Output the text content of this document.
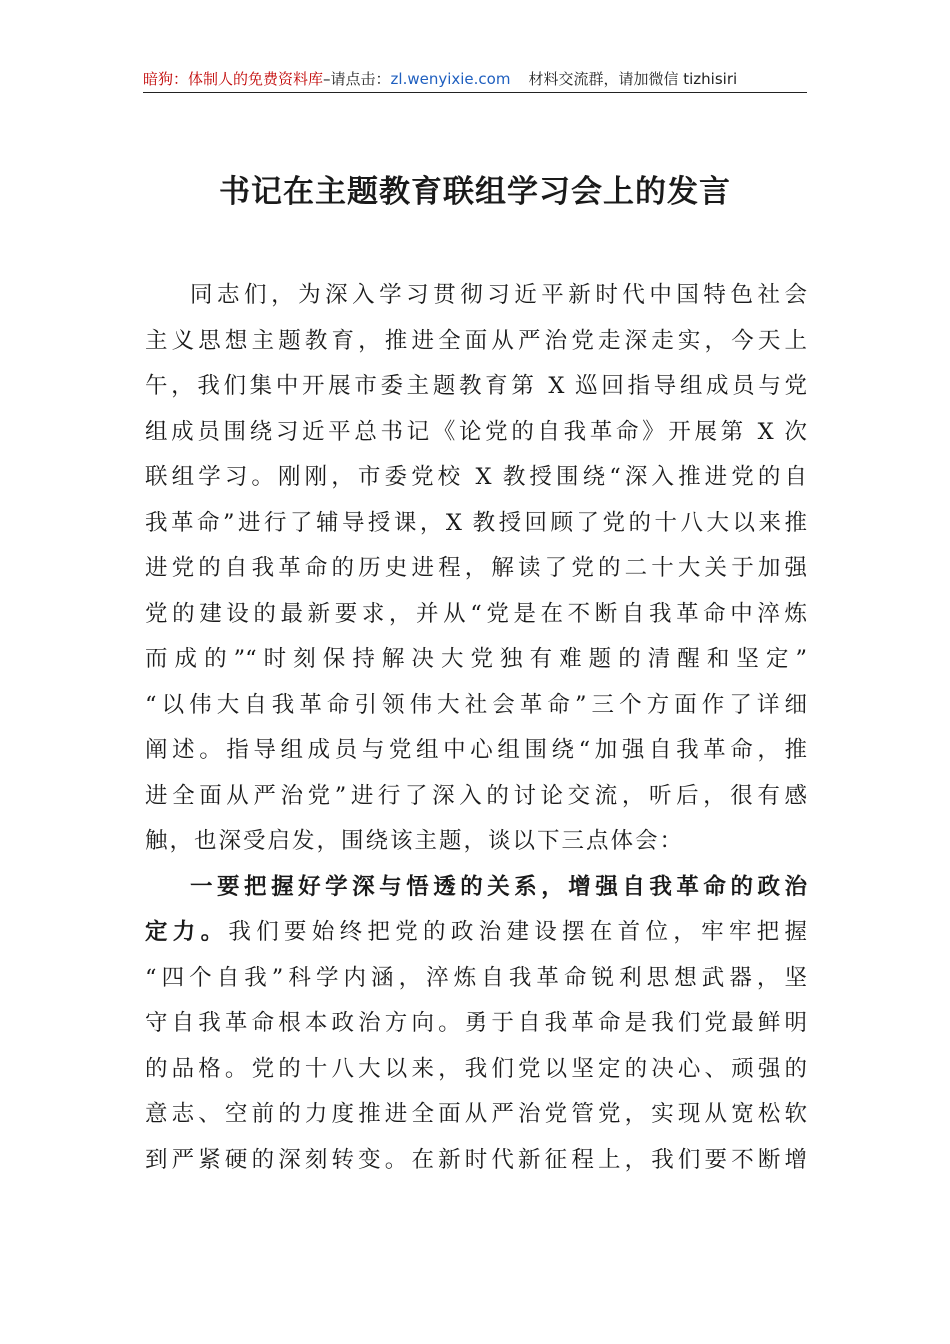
暗狗：体制人的免费资料库–请点击：zl.wenyixie.com 材料交流群，请加微信 tizhisiri
书记在主题教育联组学习会上的发言
同志们，为深入学习贯彻习近平新时代中国特色社会
主义思想主题教育，推进全面从严治党走深走实，今天上
午，我们集中开展市委主题教育第 X 巡回指导组成员与党
组成员围绕习近平总书记《论党的自我革命》开展第 X 次
联组学习。刚刚，市委党校 X 教授围绕“深入推进党的自
我革命”进行了辅导授课，X 教授回顾了党的十八大以来推
进党的自我革命的历史进程，解读了党的二十大关于加强
党的建设的最新要求，并从“党是在不断自我革命中淬炼
而成的”“时刻保持解决大党独有难题的清醒和坚定”
“以伟大自我革命引领伟大社会革命”三个方面作了详细
阐述。指导组成员与党组中心组围绕“加强自我革命，推
进全面从严治党”进行了深入的讨论交流，听后，很有感
触，也深受启发，围绕该主题，谈以下三点体会：
一要把握好学深与悟透的关系，增强自我革命的政治
定力。我们要始终把党的政治建设摆在首位，牢牢把握
“四个自我”科学内涵，淬炼自我革命锐利思想武器，坚
守自我革命根本政治方向。勇于自我革命是我们党最鲜明
的品格。党的十八大以来，我们党以坚定的决心、顽强的
意志、空前的力度推进全面从严治党管党，实现从宽松软
到严紧硬的深刻转变。在新时代新征程上，我们要不断增
